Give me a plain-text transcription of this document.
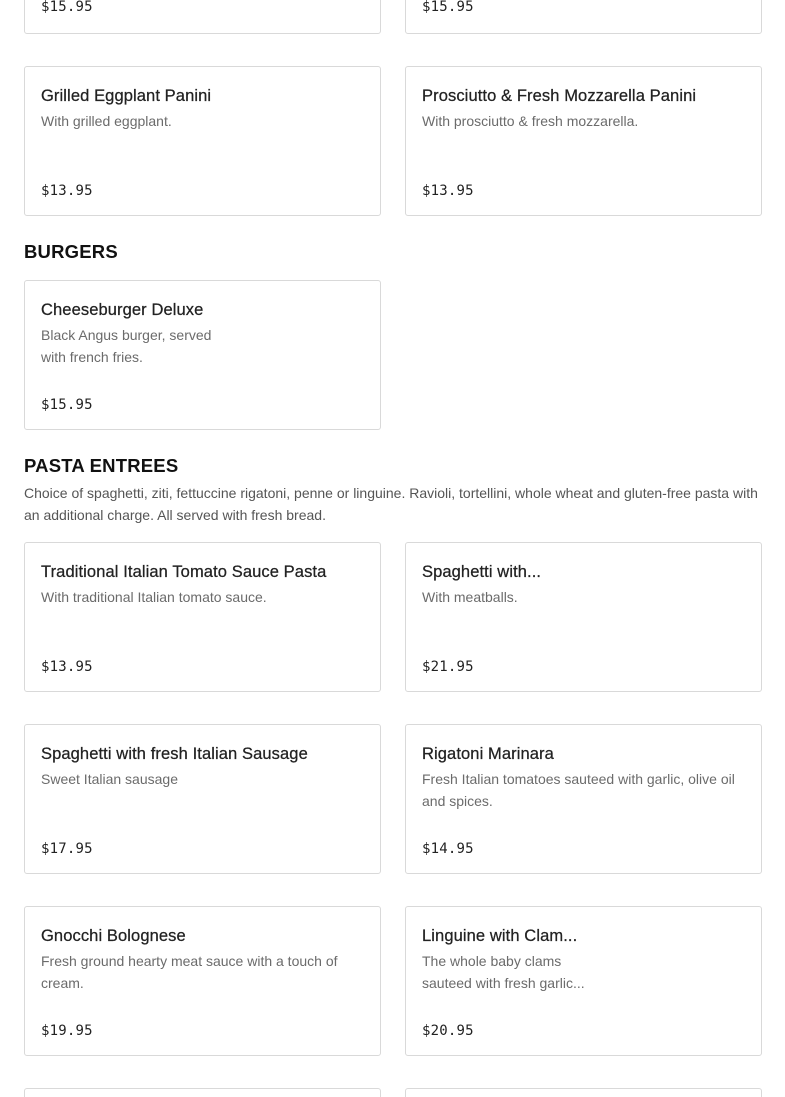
$15.95	$15.95
Grilled Eggplant Panini
With grilled eggplant.
$13.95
Prosciutto & Fresh Mozzarella Panini
With prosciutto & fresh mozzarella.
$13.95
BURGERS
Cheeseburger Deluxe
Black Angus burger, served with french fries.
$15.95
PASTA ENTREES
Choice of spaghetti, ziti, fettuccine rigatoni, penne or linguine. Ravioli, tortellini, whole wheat and gluten-free pasta with an additional charge. All served with fresh bread.
Traditional Italian Tomato Sauce Pasta
With traditional Italian tomato sauce.
$13.95
Spaghetti with...
With meatballs.
$21.95
Spaghetti with fresh Italian Sausage
Sweet Italian sausage
$17.95
Rigatoni Marinara
Fresh Italian tomatoes sauteed with garlic, olive oil and spices.
$14.95
Gnocchi Bolognese
Fresh ground hearty meat sauce with a touch of cream.
$19.95
Linguine with Clam...
The whole baby clams sauteed with fresh garlic...
$20.95
